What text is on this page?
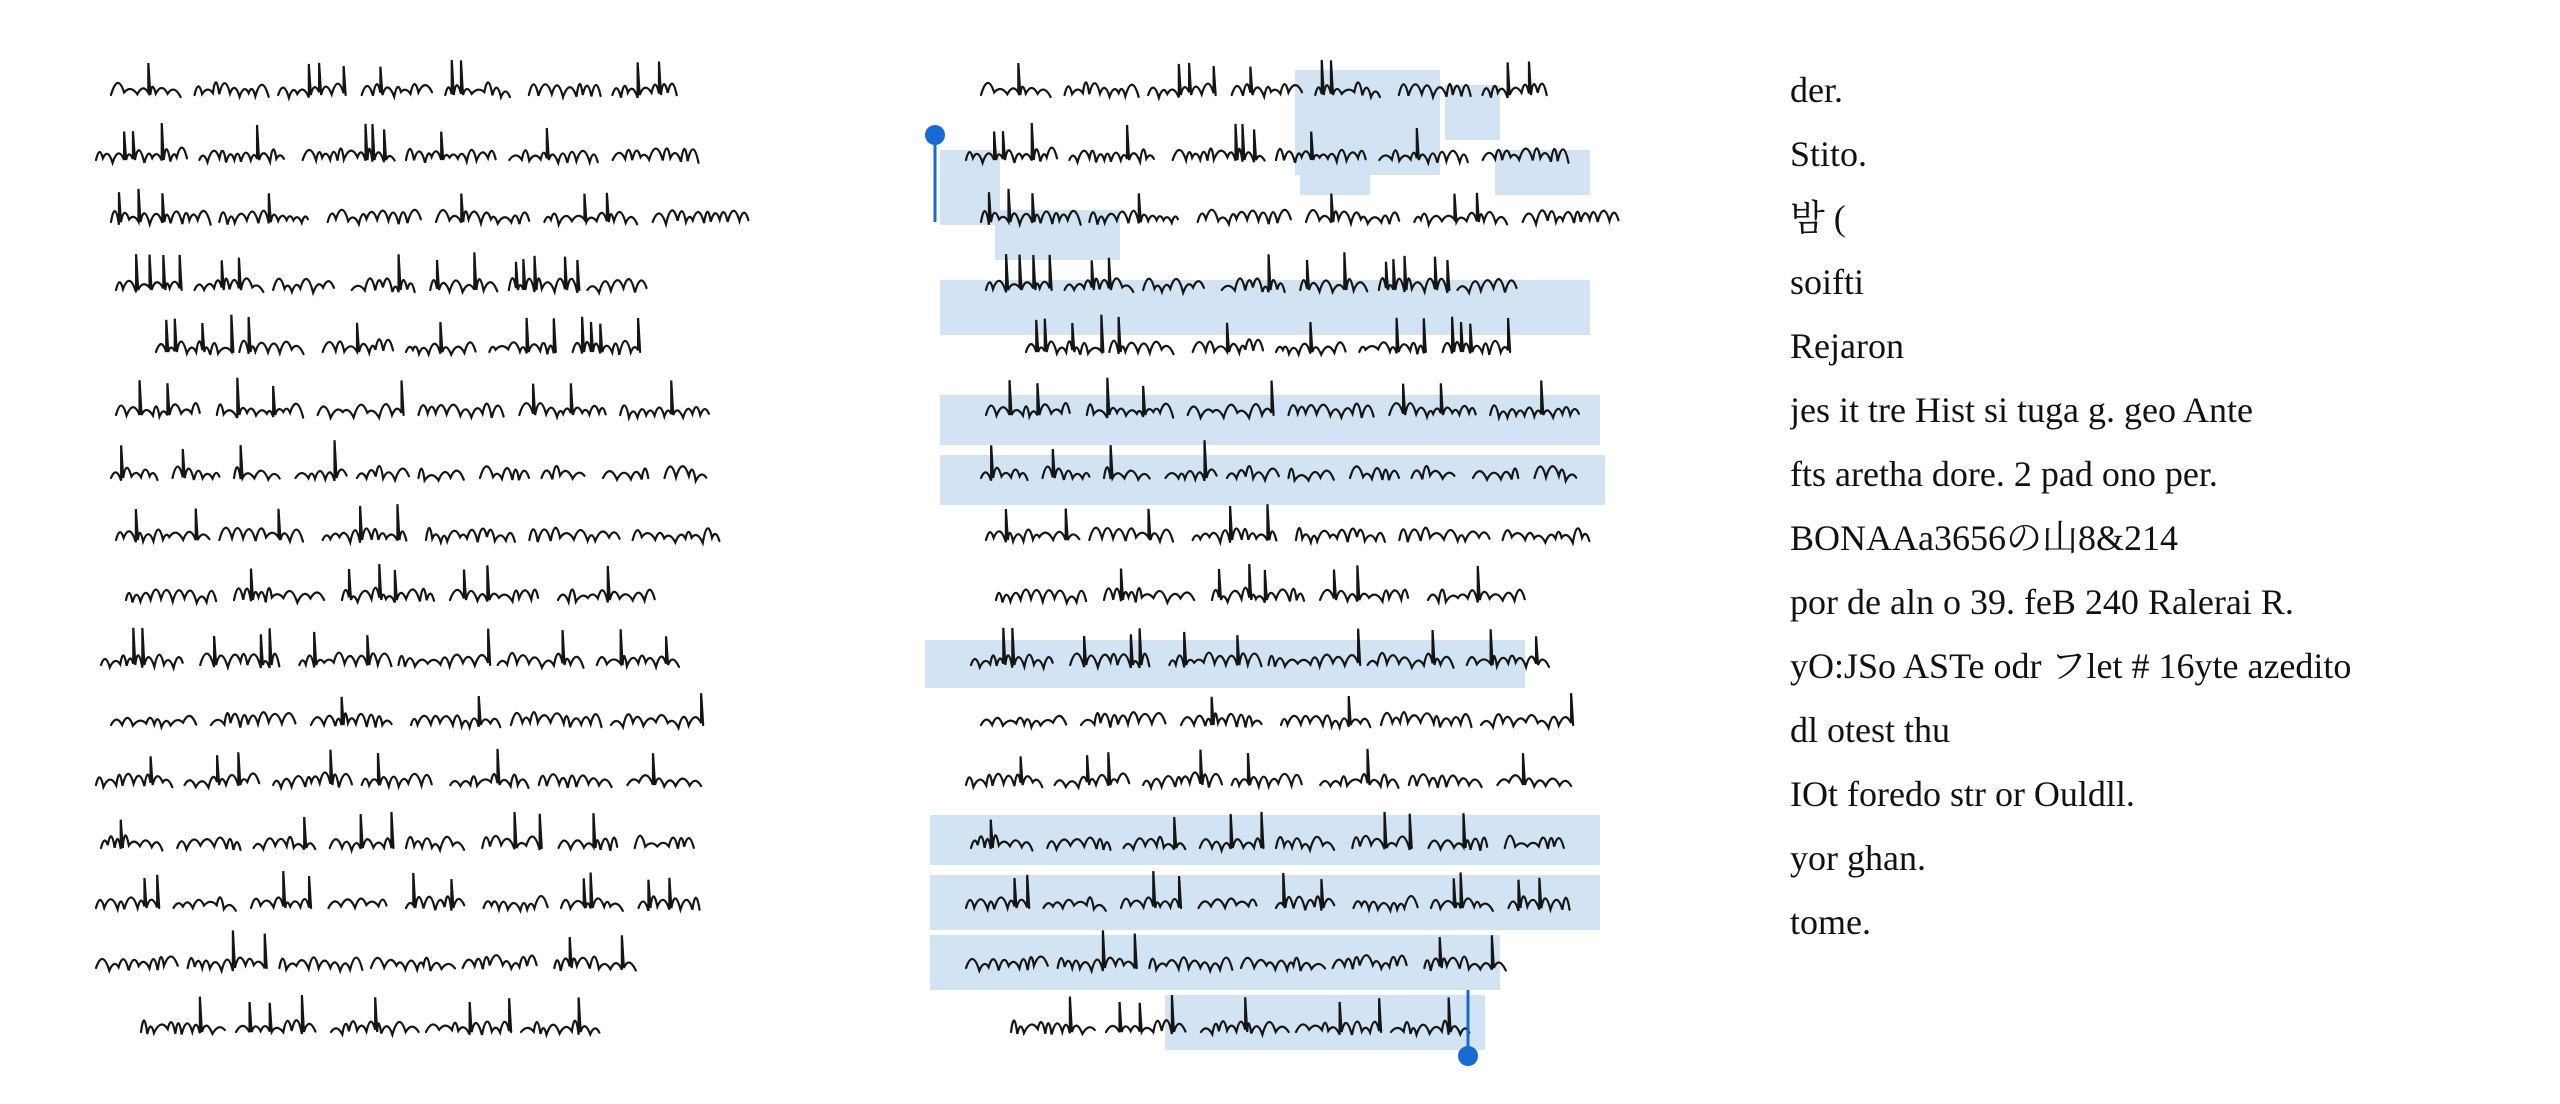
der.
Stito.
밤 (
soifti
Rejaron
jes it tre Hist si tuga g. geo Ante
fts aretha dore. 2 pad ono per.
BONAAa3656の山8&214
por de aln o 39. feB 240 Ralerai R.
yO:JSo ASTe odr フlet # 16yte azedito
dl otest thu
IOt foredo str or Ouldll.
yor ghan.
tome.
